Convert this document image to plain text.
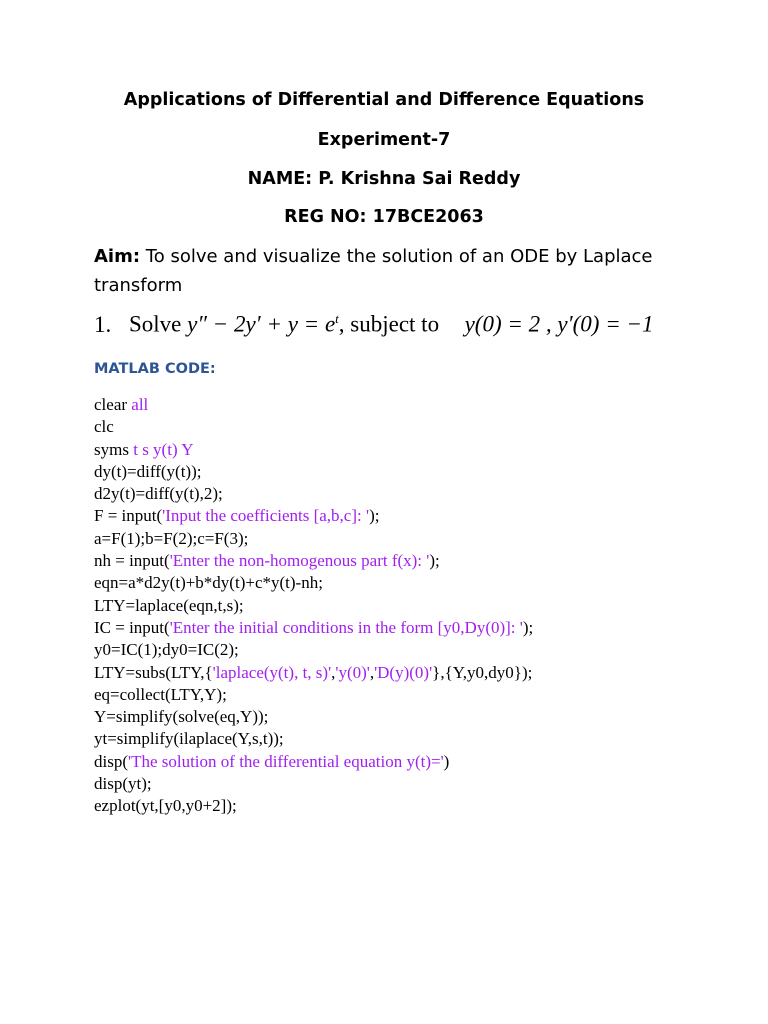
Applications of Differential and Difference Equations
Experiment-7
NAME: P. Krishna Sai Reddy
REG NO: 17BCE2063
Aim: To solve and visualize the solution of an ODE by Laplace transform
1. Solve $y'' - 2y' + y = e^t$, subject to y(0) = 2 , y′(0) = −1
MATLAB CODE:
clear all
clc
syms t s y(t) Y
dy(t)=diff(y(t));
d2y(t)=diff(y(t),2);
F = input('Input the coefficients [a,b,c]: ');
a=F(1);b=F(2);c=F(3);
nh = input('Enter the non-homogenous part f(x): ');
eqn=a*d2y(t)+b*dy(t)+c*y(t)-nh;
LTY=laplace(eqn,t,s);
IC = input('Enter the initial conditions in the form [y0,Dy(0)]: ');
y0=IC(1);dy0=IC(2);
LTY=subs(LTY,{'laplace(y(t), t, s)','y(0)','D(y)(0)'},{Y,y0,dy0});
eq=collect(LTY,Y);
Y=simplify(solve(eq,Y));
yt=simplify(ilaplace(Y,s,t));
disp('The solution of the differential equation y(t)=')
disp(yt);
ezplot(yt,[y0,y0+2]);
